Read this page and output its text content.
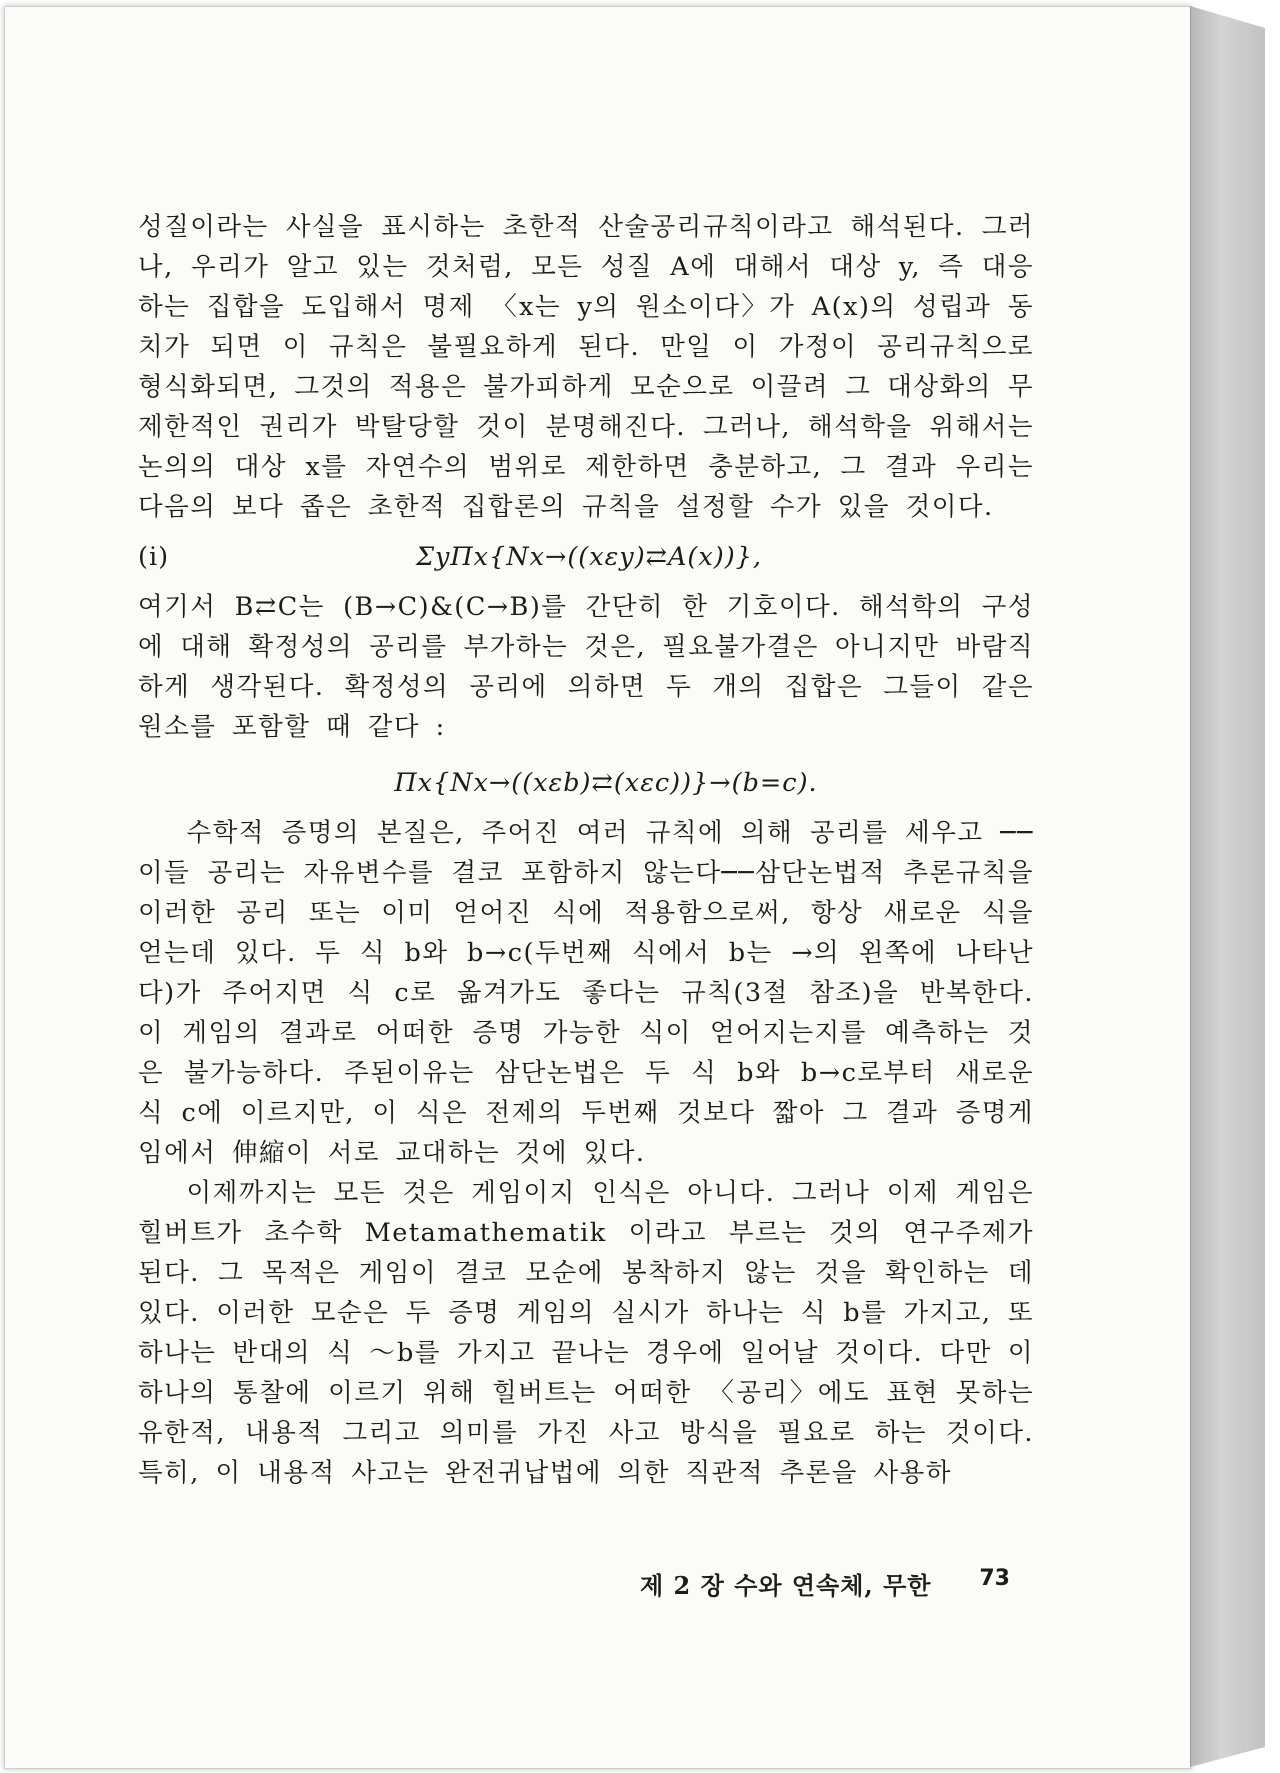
성질이라는 사실을 표시하는 초한적 산술공리규칙이라고 해석된다. 그러나, 우리가 알고 있는 것처럼, 모든 성질 A에 대해서 대상 y, 즉 대응하는 집합을 도입해서 명제 〈x는 y의 원소이다〉가 A(x)의 성립과 동치가 되면 이 규칙은 불필요하게 된다. 만일 이 가정이 공리규칙으로 형식화되면, 그것의 적용은 불가피하게 모순으로 이끌려 그 대상화의 무제한적인 권리가 박탈당할 것이 분명해진다. 그러나, 해석학을 위해서는 논의의 대상 x를 자연수의 범위로 제한하면 충분하고, 그 결과 우리는 다음의 보다 좁은 초한적 집합론의 규칙을 설정할 수가 있을 것이다.

(i)	ΣyΠx{Nx→((xεy)⇄A(x))},

여기서 B⇄C는 (B→C)&(C→B)를 간단히 한 기호이다. 해석학의 구성에 대해 확정성의 공리를 부가하는 것은, 필요불가결은 아니지만 바람직하게 생각된다. 확정성의 공리에 의하면 두 개의 집합은 그들이 같은 원소를 포함할 때 같다 :

Πx{Nx→((xεb)⇄(xεc))}→(b=c).

수학적 증명의 본질은, 주어진 여러 규칙에 의해 공리를 세우고 ──이들 공리는 자유변수를 결코 포함하지 않는다──삼단논법적 추론규칙을 이러한 공리 또는 이미 얻어진 식에 적용함으로써, 항상 새로운 식을 얻는데 있다. 두 식 b와 b→c(두번째 식에서 b는 →의 왼쪽에 나타난다)가 주어지면 식 c로 옮겨가도 좋다는 규칙(3절 참조)을 반복한다. 이 게임의 결과로 어떠한 증명 가능한 식이 얻어지는지를 예측하는 것은 불가능하다. 주된이유는 삼단논법은 두 식 b와 b→c로부터 새로운 식 c에 이르지만, 이 식은 전제의 두번째 것보다 짧아 그 결과 증명게임에서 伸縮이 서로 교대하는 것에 있다.

이제까지는 모든 것은 게임이지 인식은 아니다. 그러나 이제 게임은 힐버트가 초수학 Metamathematik 이라고 부르는 것의 연구주제가 된다. 그 목적은 게임이 결코 모순에 봉착하지 않는 것을 확인하는 데 있다. 이러한 모순은 두 증명 게임의 실시가 하나는 식 b를 가지고, 또 하나는 반대의 식 ～b를 가지고 끝나는 경우에 일어날 것이다. 다만 이 하나의 통찰에 이르기 위해 힐버트는 어떠한 〈공리〉에도 표현 못하는 유한적, 내용적 그리고 의미를 가진 사고 방식을 필요로 하는 것이다. 특히, 이 내용적 사고는 완전귀납법에 의한 직관적 추론을 사용하

제 2 장 수와 연속체, 무한 73
